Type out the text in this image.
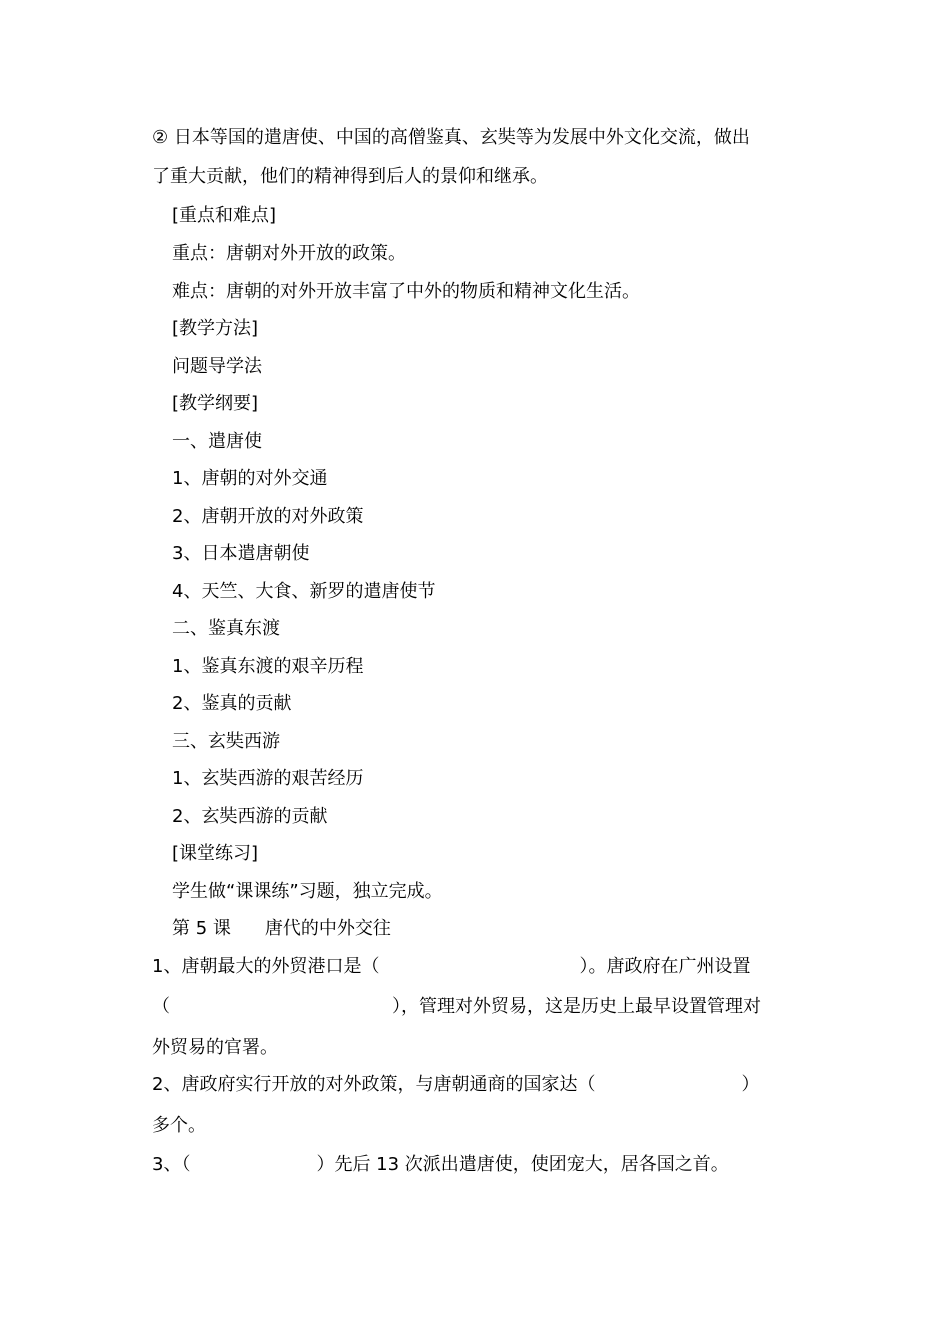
② 日本等国的遣唐使、中国的高僧鉴真、玄奘等为发展中外文化交流，做出
了重大贡献，他们的精神得到后人的景仰和继承。
[重点和难点]
重点：唐朝对外开放的政策。
难点：唐朝的对外开放丰富了中外的物质和精神文化生活。
[教学方法]
问题导学法
[教学纲要]
一、遣唐使
1、唐朝的对外交通
2、唐朝开放的对外政策
3、日本遣唐朝使
4、天竺、大食、新罗的遣唐使节
二、鉴真东渡
1、鉴真东渡的艰辛历程
2、鉴真的贡献
三、玄奘西游
1、玄奘西游的艰苦经历
2、玄奘西游的贡献
[课堂练习]
学生做“课课练”习题，独立完成。
第 5 课 唐代的中外交往
1、唐朝最大的外贸港口是（	）。唐政府在广州设置
（	），管理对外贸易，这是历史上最早设置管理对
外贸易的官署。
2、唐政府实行开放的对外政策，与唐朝通商的国家达（	）
多个。
3、（	）先后 13 次派出遣唐使，使团宠大，居各国之首。
